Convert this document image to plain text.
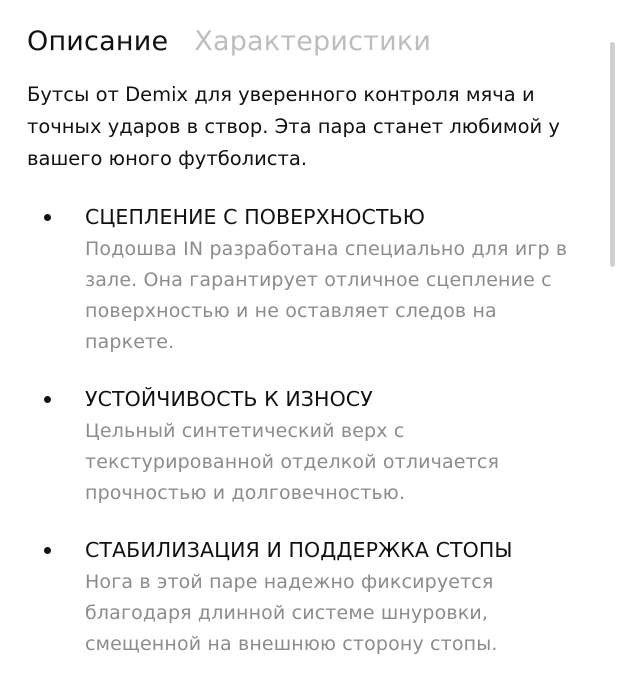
Описание Характеристики

Бутсы от Demix для уверенного контроля мяча и точных ударов в створ. Эта пара станет любимой у вашего юного футболиста.

СЦЕПЛЕНИЕ С ПОВЕРХНОСТЬЮ
Подошва IN разработана специально для игр в зале. Она гарантирует отличное сцепление с поверхностью и не оставляет следов на паркете.
УСТОЙЧИВОСТЬ К ИЗНОСУ
Цельный синтетический верх с текстурированной отделкой отличается прочностью и долговечностью.
СТАБИЛИЗАЦИЯ И ПОДДЕРЖКА СТОПЫ
Нога в этой паре надежно фиксируется благодаря длинной системе шнуровки, смещенной на внешнюю сторону стопы.
